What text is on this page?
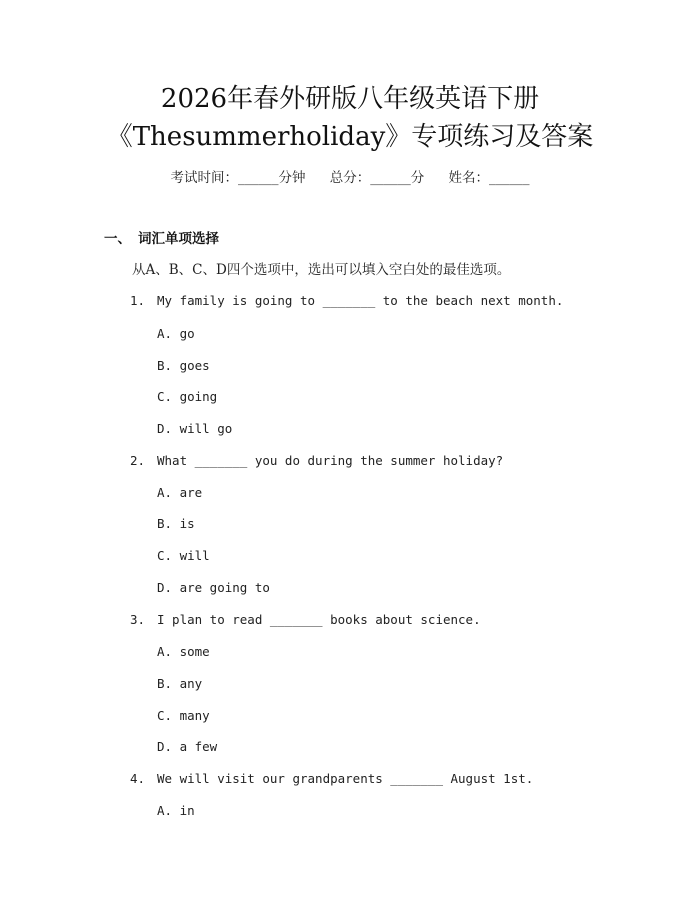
2026年春外研版八年级英语下册
《Thesummerholiday》专项练习及答案
考试时间：______分钟 总分：______分 姓名：______
一、 词汇单项选择
从A、B、C、D四个选项中，选出可以填入空白处的最佳选项。
1. My family is going to _______ to the beach next month.
A. go
B. goes
C. going
D. will go
2. What _______ you do during the summer holiday?
A. are
B. is
C. will
D. are going to
3. I plan to read _______ books about science.
A. some
B. any
C. many
D. a few
4. We will visit our grandparents _______ August 1st.
A. in
